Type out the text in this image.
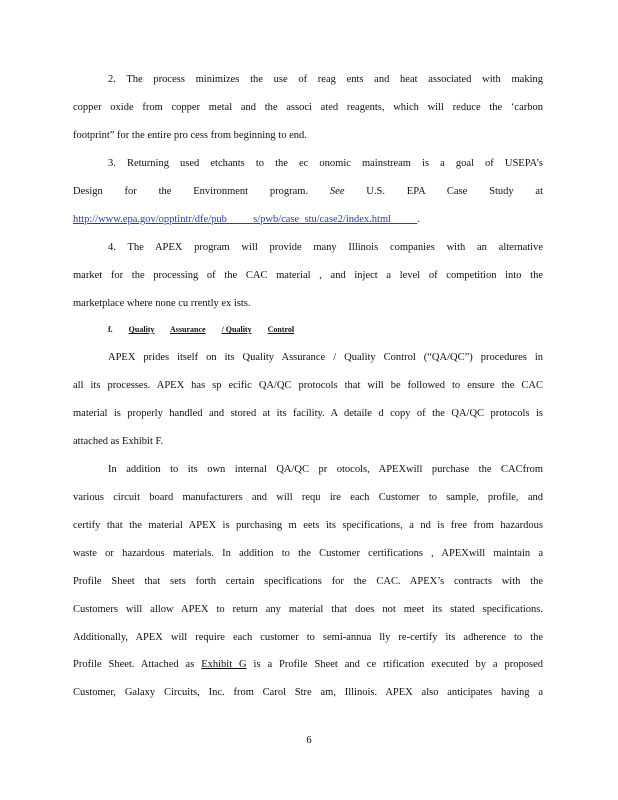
2. The process minimizes the use of reag ents and heat associated with making
copper oxide from copper metal and the associ ated reagents, which will reduce the ‘carbon
footprint” for the entire pro cess from beginning to end.
3. Returning used etchants to the ec onomic mainstream is a goal of USEPA’s
Design for the Environment program. See U.S. EPA Case Study at
http://www.epa.gov/opptintr/dfe/pub          s/pwb/case_stu/case2/index.html          .
4. The APEX program will provide many Illinois companies with an alternative
market for the processing of the CAC material , and inject a level of competition into the
marketplace where none cu rrently ex ists.
f. Quality Assurance / Quality Control
APEX prides itself on its Quality Assurance / Quality Control (“QA/QC”) procedures in
all its processes. APEX has sp ecific QA/QC protocols that will be followed to ensure the CAC
material is properly handled and stored at its facility. A detaile d copy of the QA/QC protocols is
attached as Exhibit F.
In addition to its own internal QA/QC pr otocols, APEXwill purchase the CACfrom
various circuit board manufacturers and will requ ire each Customer to sample, profile, and
certify that the material APEX is purchasing m eets its specifications, a nd is free from hazardous
waste or hazardous materials. In addition to the Customer certifications , APEXwill maintain a
Profile Sheet that sets forth certain specifications for the CAC. APEX’s contracts with the
Customers will allow APEX to return any material that does not meet its stated specifications.
Additionally, APEX will require each customer to semi-annua lly re-certify its adherence to the
Profile Sheet. Attached as Exhibit G is a Profile Sheet and ce rtification executed by a proposed
Customer, Galaxy Circuits, Inc. from Carol Stre am, Illinois. APEX also anticipates having a
6
